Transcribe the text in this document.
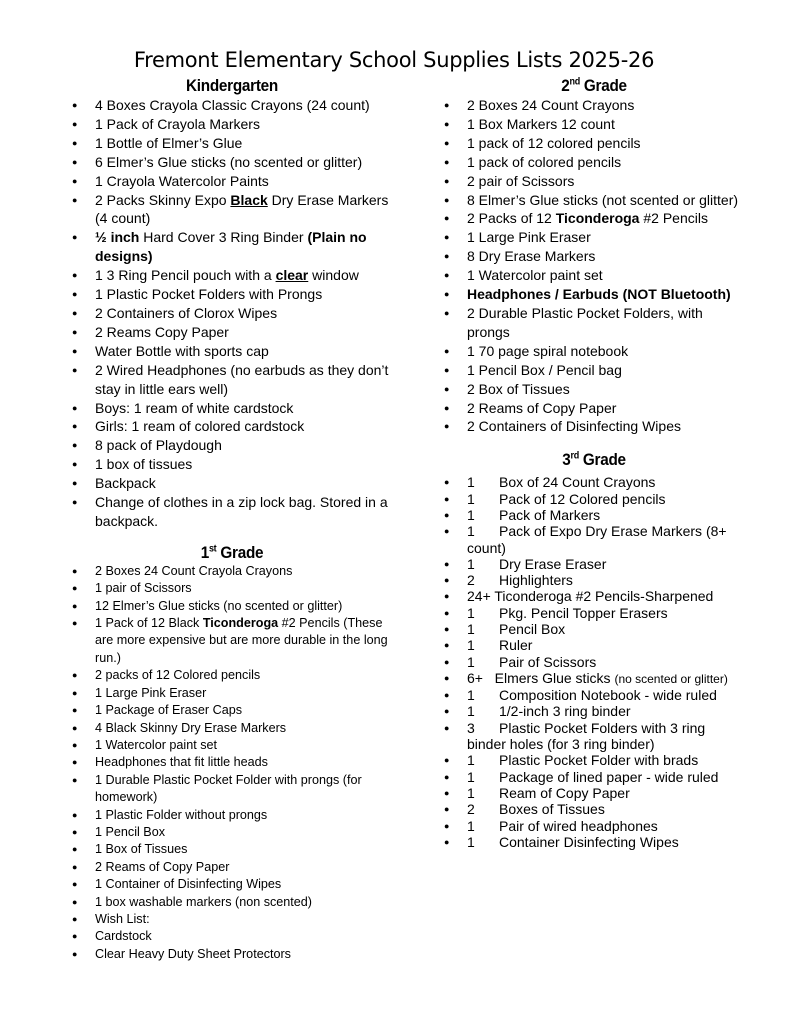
Fremont Elementary School Supplies Lists 2025-26
Kindergarten
● 4 Boxes Crayola Classic Crayons (24 count)
● 1 Pack of Crayola Markers
● 1 Bottle of Elmer’s Glue
● 6 Elmer’s Glue sticks (no scented or glitter)
● 1 Crayola Watercolor Paints
● 2 Packs Skinny Expo Black Dry Erase Markers (4 count)
● ½ inch Hard Cover 3 Ring Binder (Plain no designs)
● 1 3 Ring Pencil pouch with a clear window
● 1 Plastic Pocket Folders with Prongs
● 2 Containers of Clorox Wipes
● 2 Reams Copy Paper
● Water Bottle with sports cap
● 2 Wired Headphones (no earbuds as they don’t stay in little ears well)
● Boys: 1 ream of white cardstock
● Girls: 1 ream of colored cardstock
● 8 pack of Playdough
● 1 box of tissues
● Backpack
● Change of clothes in a zip lock bag. Stored in a backpack.
1st Grade
● 2 Boxes 24 Count Crayola Crayons
● 1 pair of Scissors
● 12 Elmer’s Glue sticks (no scented or glitter)
● 1 Pack of 12 Black Ticonderoga #2 Pencils (These are more expensive but are more durable in the long run.)
● 2 packs of 12 Colored pencils
● 1 Large Pink Eraser
● 1 Package of Eraser Caps
● 4 Black Skinny Dry Erase Markers
● 1 Watercolor paint set
● Headphones that fit little heads
● 1 Durable Plastic Pocket Folder with prongs (for homework)
● 1 Plastic Folder without prongs
● 1 Pencil Box
● 1 Box of Tissues
● 2 Reams of Copy Paper
● 1 Container of Disinfecting Wipes
● 1 box washable markers (non scented)
● Wish List:
● Cardstock
● Clear Heavy Duty Sheet Protectors
2nd Grade
● 2 Boxes 24 Count Crayons
● 1 Box Markers 12 count
● 1 pack of 12 colored pencils
● 1 pack of colored pencils
● 2 pair of Scissors
● 8 Elmer’s Glue sticks (not scented or glitter)
● 2 Packs of 12 Ticonderoga #2 Pencils
● 1 Large Pink Eraser
● 8 Dry Erase Markers
● 1 Watercolor paint set
● Headphones / Earbuds (NOT Bluetooth)
● 2 Durable Plastic Pocket Folders, with prongs
● 1 70 page spiral notebook
● 1 Pencil Box / Pencil bag
● 2 Box of Tissues
● 2 Reams of Copy Paper
● 2 Containers of Disinfecting Wipes
3rd Grade
● 1 Box of 24 Count Crayons
● 1 Pack of 12 Colored pencils
● 1 Pack of Markers
● 1 Pack of Expo Dry Erase Markers (8+ count)
● 1 Dry Erase Eraser
● 2 Highlighters
● 24+ Ticonderoga #2 Pencils-Sharpened
● 1 Pkg. Pencil Topper Erasers
● 1 Pencil Box
● 1 Ruler
● 1 Pair of Scissors
● 6+ Elmers Glue sticks (no scented or glitter)
● 1 Composition Notebook - wide ruled
● 1 1/2-inch 3 ring binder
● 3 Plastic Pocket Folders with 3 ring binder holes (for 3 ring binder)
● 1 Plastic Pocket Folder with brads
● 1 Package of lined paper - wide ruled
● 1 Ream of Copy Paper
● 2 Boxes of Tissues
● 1 Pair of wired headphones
● 1 Container Disinfecting Wipes
